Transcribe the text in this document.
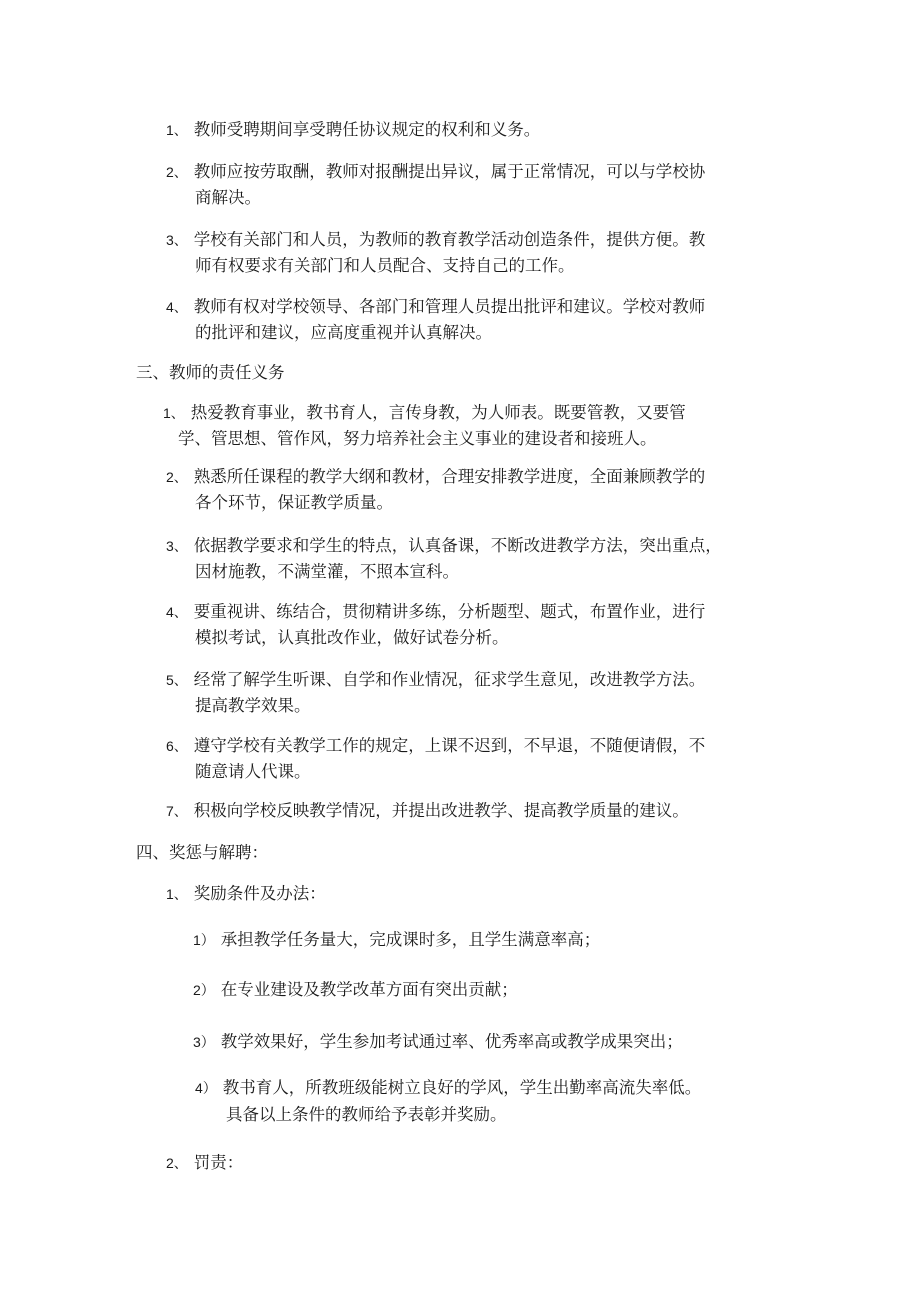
1、 教师受聘期间享受聘任协议规定的权利和义务。
2、 教师应按劳取酬，教师对报酬提出异议，属于正常情况，可以与学校协
商解决。
3、 学校有关部门和人员，为教师的教育教学活动创造条件，提供方便。教
师有权要求有关部门和人员配合、支持自己的工作。
4、 教师有权对学校领导、各部门和管理人员提出批评和建议。学校对教师
的批评和建议，应高度重视并认真解决。
三、教师的责任义务
1、 热爱教育事业，教书育人，言传身教，为人师表。既要管教，又要管
学、管思想、管作风，努力培养社会主义事业的建设者和接班人。
2、 熟悉所任课程的教学大纲和教材，合理安排教学进度，全面兼顾教学的
各个环节，保证教学质量。
3、 依据教学要求和学生的特点，认真备课，不断改进教学方法，突出重点，
因材施教，不满堂灌，不照本宣科。
4、 要重视讲、练结合，贯彻精讲多练，分析题型、题式，布置作业，进行
模拟考试，认真批改作业，做好试卷分析。
5、 经常了解学生听课、自学和作业情况，征求学生意见，改进教学方法。
提高教学效果。
6、 遵守学校有关教学工作的规定，上课不迟到，不早退，不随便请假，不
随意请人代课。
7、 积极向学校反映教学情况，并提出改进教学、提高教学质量的建议。
四、奖惩与解聘：
1、 奖励条件及办法：
1） 承担教学任务量大，完成课时多，且学生满意率高；
2） 在专业建设及教学改革方面有突出贡献；
3） 教学效果好，学生参加考试通过率、优秀率高或教学成果突出；
4） 教书育人，所教班级能树立良好的学风，学生出勤率高流失率低。
具备以上条件的教师给予表彰并奖励。
2、 罚责：
